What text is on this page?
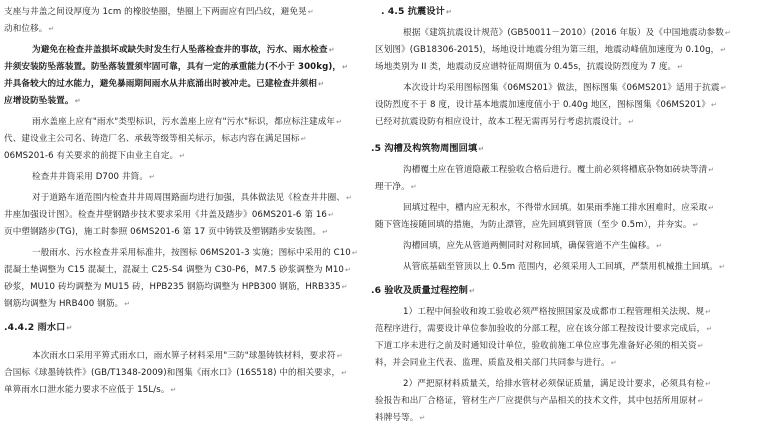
支座与井盖之间设厚度为 1cm 的橡胶垫圈，垫圈上下两面应有凹凸纹，避免晃↵
动和位移。↵
为避免在检查井盖损坏或缺失时发生行人坠落检查井的事故，污水、雨水检查↵
井须安装防坠落装置。防坠落装置须牢固可靠，具有一定的承重能力(不小于 300kg)，↵
并具备较大的过水能力，避免暴雨期间雨水从井底涌出时被冲走。已建检查井须相↵
应增设防坠装置。↵
雨水盖座上应有"雨水"类型标识，污水盖座上应有"污水"标识，都应标注建成年↵
代、建设业主公司名、铸造厂名、承载等级等相关标示，标志内容在满足国标↵
06MS201-6 有关要求的前提下由业主自定。↵
检查井井筒采用 D700 井筒。↵
对于道路车道范围内检查井井周周围路面均进行加强，具体做法见《检查井井圈、↵
井座加强设计图》。检查井壁钢踏步技术要求采用《井盖及踏步》06MS201-6 第 16↵
页中塑钢踏步(TG)，施工时参照 06MS201-6 第 17 页中铸铁及塑钢踏步安装图。↵
一般雨水、污水检查井采用标准井，按图标 06MS201-3 实施；图标中采用的 C10↵
混凝土垫调整为 C15 混凝土，混凝土 C25-S4 调整为 C30-P6，M7.5 砂浆调整为 M10↵
砂浆，MU10 砖均调整为 MU15 砖，HPB235 钢筋均调整为 HPB300 钢筋，HRB335↵
钢筋均调整为 HRB400 钢筋。↵
.4.4.2 雨水口↵
本次雨水口采用平箅式雨水口，雨水箅子材料采用"三防"球墨铸铁材料，要求符↵
合国标《球墨铸铁件》(GB/T1348-2009)和图集《雨水口》(16S518) 中的相关要求，↵
单箅雨水口泄水能力要求不应低于 15L/s。↵
. 4.5 抗震设计↵
根据《建筑抗震设计规范》(GB50011－2010）(2016 年版）及《中国地震动参数↵
区划图》(GB18306-2015)，场地设计地震分组为第三组，地震动峰值加速度为 0.10g，↵
场地类别为 II 类，地震动反应谱特征周期值为 0.45s，抗震设防烈度为 7 度。↵
本次设计均采用图标图集《06MS201》做法，图标图集《06MS201》适用于抗震↵
设防烈度不于 8 度，设计基本地震加速度值小于 0.40g 地区，图标图集《06MS201》↵
已经对抗震设防有相应设计，故本工程无需再另行考虑抗震设计。↵
.5 沟槽及构筑物周围回填↵
沟槽覆土应在管道隐蔽工程验收合格后进行。覆土前必须将槽底杂物如砖块等清↵
理干净。↵
回填过程中，槽内应无积水，不得带水回填。如果雨季施工排水困难时，应采取↵
随下管连接随回填的措施，为防止漂管，应先回填到管顶（至少 0.5m），并夯实。↵
沟槽回填，应先从管道两侧同时对称回填，确保管道不产生偏移。↵
从管底基础至管顶以上 0.5m 范围内，必须采用人工回填，严禁用机械推土回填。↵
.6 验收及质量过程控制↵
1）工程中间验收和竣工验收必须严格按照国家及成都市工程管理相关法规、规↵
范程序进行，需要设计单位参加验收的分部工程，应在该分部工程按设计要求完成后，↵
下道工序未进行之前及时通知设计单位，验收前施工单位应事先准备好必须的相关资↵
料，并会同业主代表、监理、质监及相关部门共同参与进行。↵
2）严把原材料质量关，给排水管材必须保证质量，满足设计要求，必须具有检↵
验报告和出厂合格证，管材生产厂应提供与产品相关的技术文件，其中包括所用原材↵
料牌号等。↵
